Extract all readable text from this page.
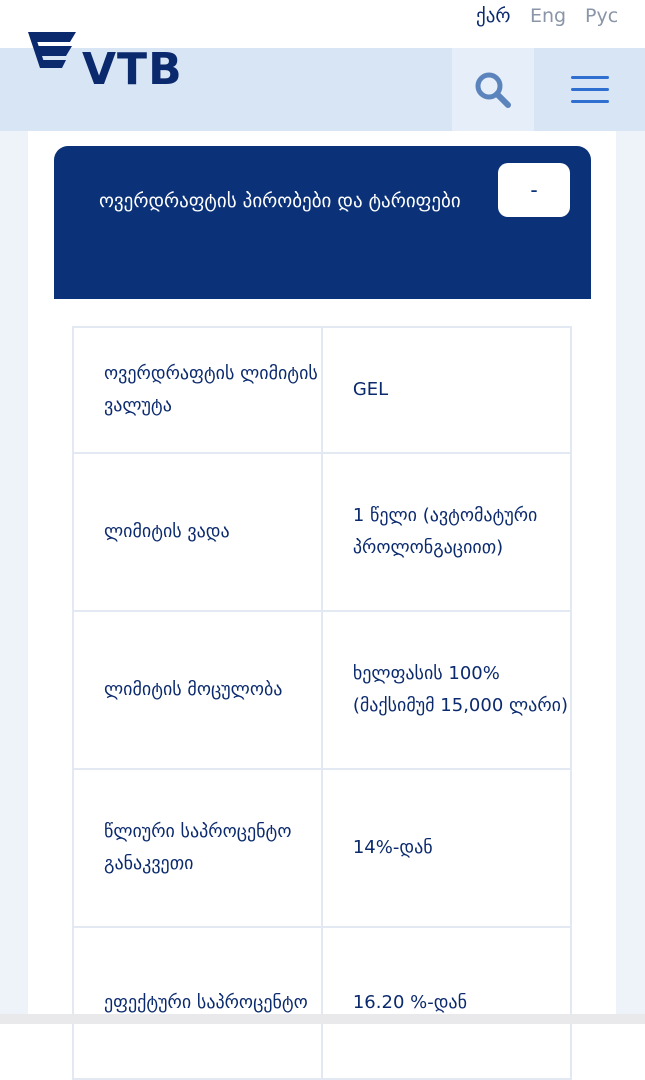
ქარ Eng Рус
VTB
ოვერდრაფტის პირობები და ტარიფები	-
ოვერდრაფტის ლიმიტის ვალუტა	GEL
ლიმიტის ვადა	1 წელი (ავტომატური პროლონგაციით)
ლიმიტის მოცულობა	ხელფასის 100% (მაქსიმუმ 15,000 ლარი)
წლიური საპროცენტო განაკვეთი	14%-დან
ეფექტური საპროცენტო	16.20 %-დან
